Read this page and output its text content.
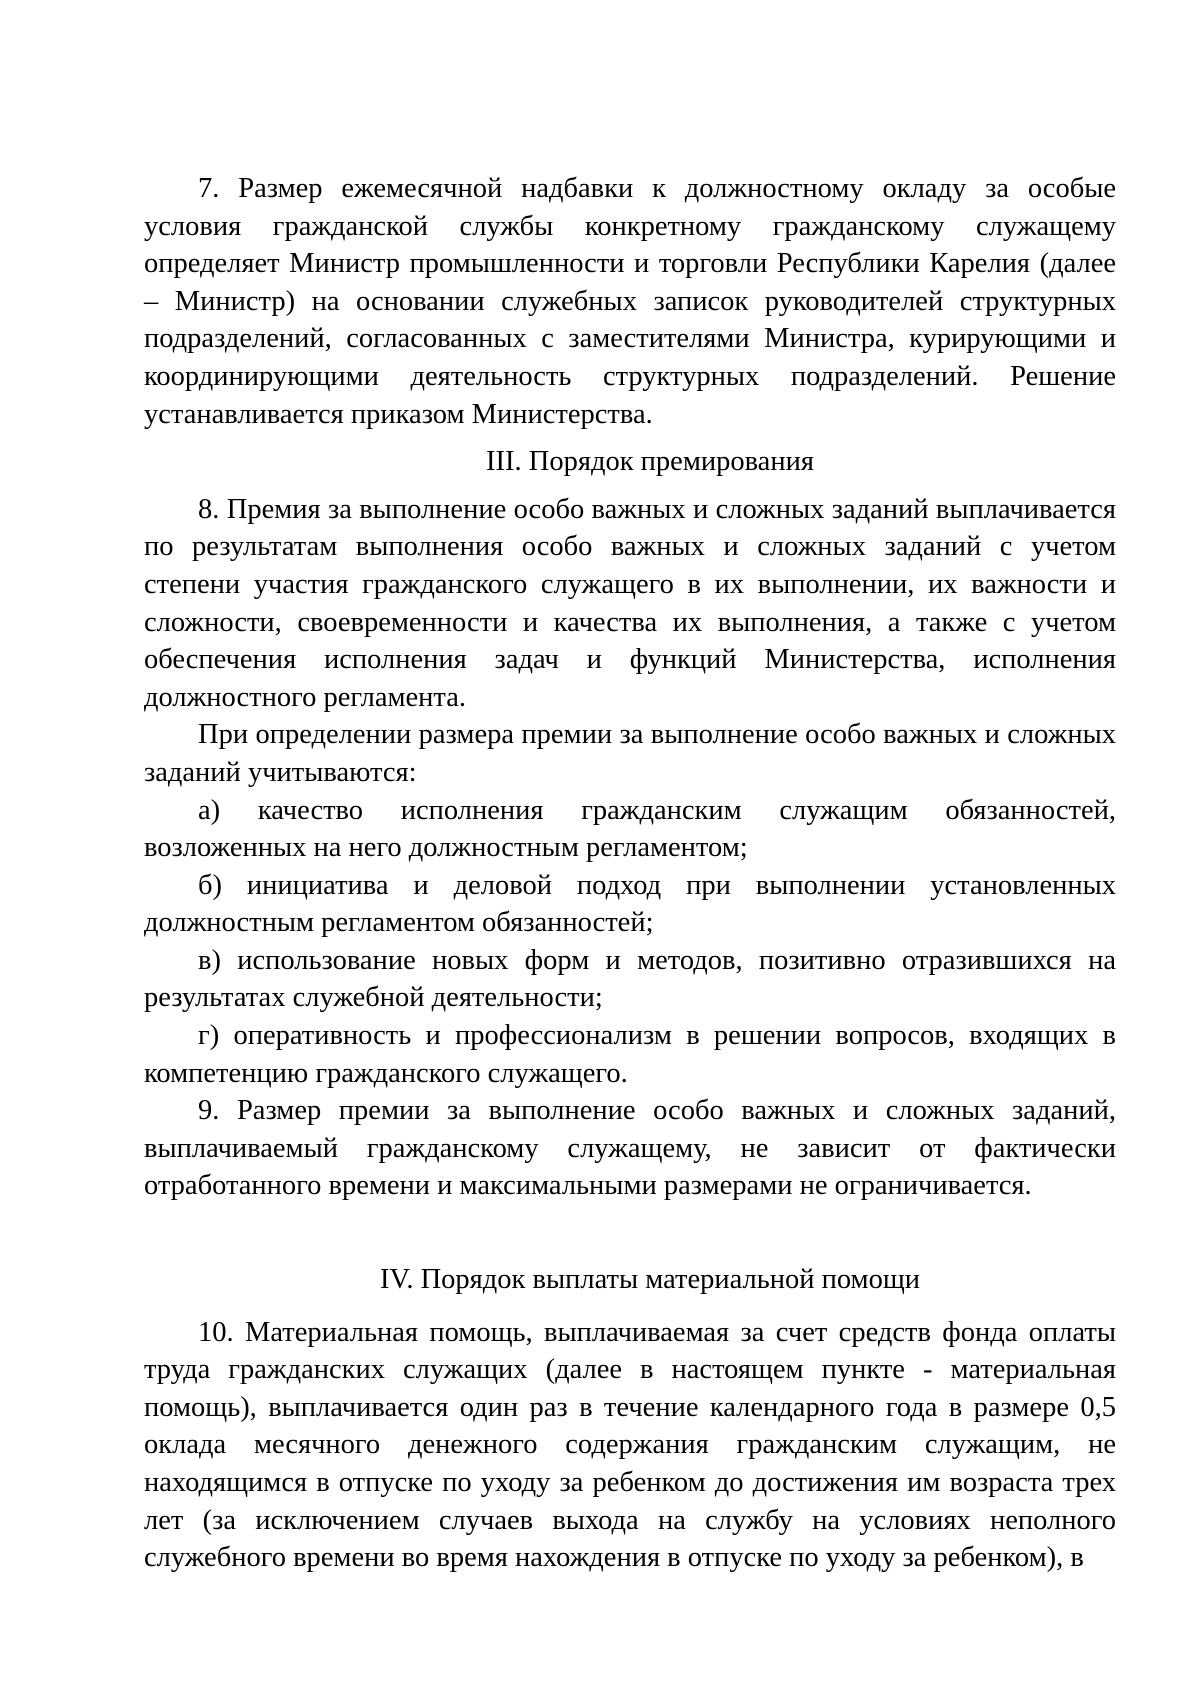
7. Размер ежемесячной надбавки к должностному окладу за особые условия гражданской службы конкретному гражданскому служащему определяет Министр промышленности и торговли Республики Карелия (далее – Министр) на основании служебных записок руководителей структурных подразделений, согласованных с заместителями Министра, курирующими и координирующими деятельность структурных подразделений. Решение устанавливается приказом Министерства.

III. Порядок премирования

8. Премия за выполнение особо важных и сложных заданий выплачивается по результатам выполнения особо важных и сложных заданий с учетом степени участия гражданского служащего в их выполнении, их важности и сложности, своевременности и качества их выполнения, а также с учетом обеспечения исполнения задач и функций Министерства, исполнения должностного регламента.

При определении размера премии за выполнение особо важных и сложных заданий учитываются:

а) качество исполнения гражданским служащим обязанностей, возложенных на него должностным регламентом;

б) инициатива и деловой подход при выполнении установленных должностным регламентом обязанностей;

в) использование новых форм и методов, позитивно отразившихся на результатах служебной деятельности;

г) оперативность и профессионализм в решении вопросов, входящих в компетенцию гражданского служащего.

9. Размер премии за выполнение особо важных и сложных заданий, выплачиваемый гражданскому служащему, не зависит от фактически отработанного времени и максимальными размерами не ограничивается.

IV. Порядок выплаты материальной помощи

10. Материальная помощь, выплачиваемая за счет средств фонда оплаты труда гражданских служащих (далее в настоящем пункте - материальная помощь), выплачивается один раз в течение календарного года в размере 0,5 оклада месячного денежного содержания гражданским служащим, не находящимся в отпуске по уходу за ребенком до достижения им возраста трех лет (за исключением случаев выхода на службу на условиях неполного служебного времени во время нахождения в отпуске по уходу за ребенком), в
